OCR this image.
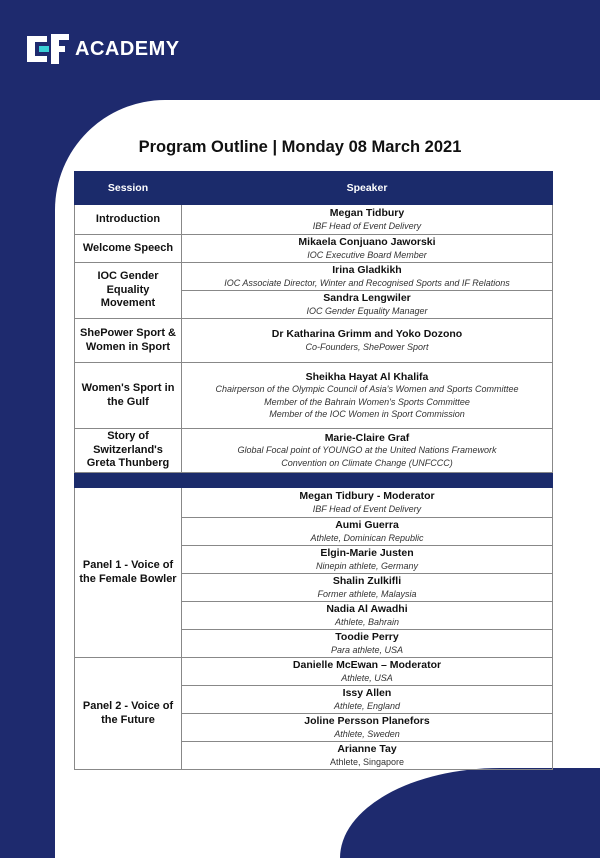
ACADEMY
Program Outline | Monday 08 March 2021
Session	Speaker
Introduction	Megan Tidbury
IBF Head of Event Delivery

Welcome Speech	Mikaela Conjuano Jaworski
IOC Executive Board Member

IOC Gender Equality Movement	Irina Gladkikh
IOC Associate Director, Winter and Recognised Sports and IF Relations

	Sandra Lengwiler
IOC Gender Equality Manager

ShePower Sport & Women in Sport	Dr Katharina Grimm and Yoko Dozono
Co-Founders, ShePower Sport

Women's Sport in the Gulf	Sheikha Hayat Al Khalifa
Chairperson of the Olympic Council of Asia's Women and Sports Committee
Member of the Bahrain Women's Sports Committee
Member of the IOC Women in Sport Commission

Story of Switzerland's Greta Thunberg	Marie-Claire Graf
Global Focal point of YOUNGO at the United Nations Framework Convention on Climate Change (UNFCCC)

Panel 1 - Voice of the Female Bowler	Megan Tidbury - Moderator
IBF Head of Event Delivery

	Aumi Guerra
Athlete, Dominican Republic

	Elgin-Marie Justen
Ninepin athlete, Germany

	Shalin Zulkifli
Former athlete, Malaysia

	Nadia Al Awadhi
Athlete, Bahrain

	Toodie Perry
Para athlete, USA

Panel 2 - Voice of the Future	Danielle McEwan – Moderator
Athlete, USA

	Issy Allen
Athlete, England

	Joline Persson Planefors
Athlete, Sweden

	Arianne Tay
Athlete, Singapore
